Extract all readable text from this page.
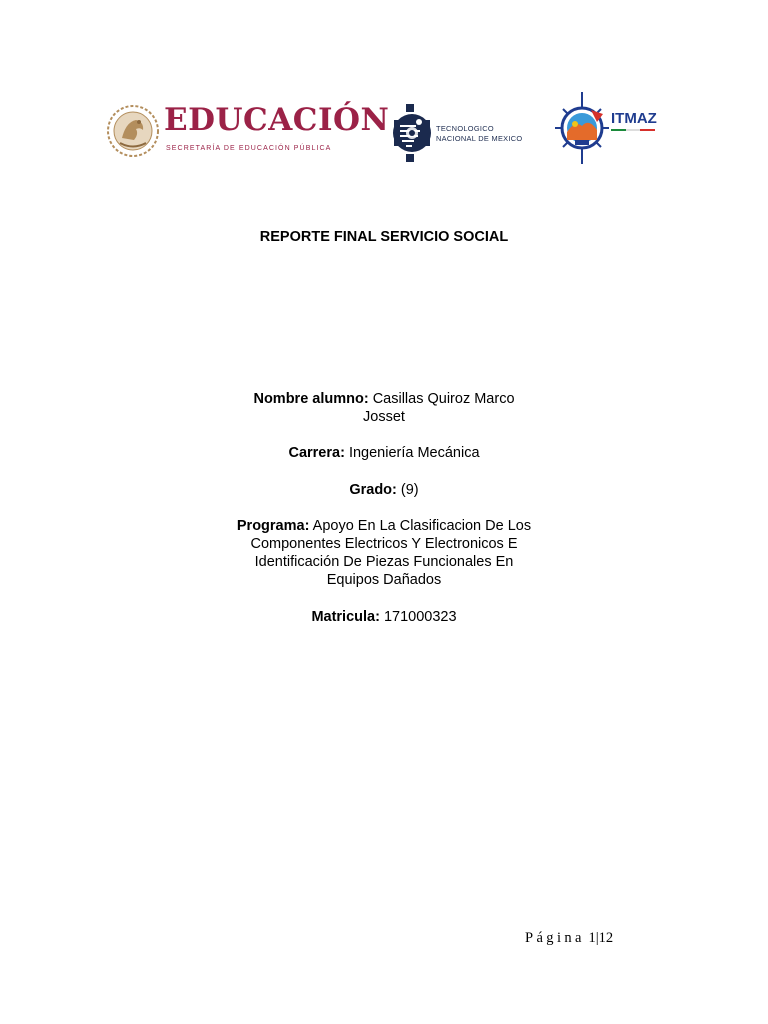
EDUCACIÓN
SECRETARÍA DE EDUCACIÓN PÚBLICA
TECNOLOGICO
NACIONAL DE MEXICO
ITMAZ
REPORTE FINAL SERVICIO SOCIAL

Nombre alumno: Casillas Quiroz Marco Josset

Carrera: Ingeniería Mecánica

Grado: (9)

Programa: Apoyo En La Clasificacion De Los Componentes Electricos Y Electronicos E Identificación De Piezas Funcionales En Equipos Dañados

Matricula: 171000323

Página 1|12
